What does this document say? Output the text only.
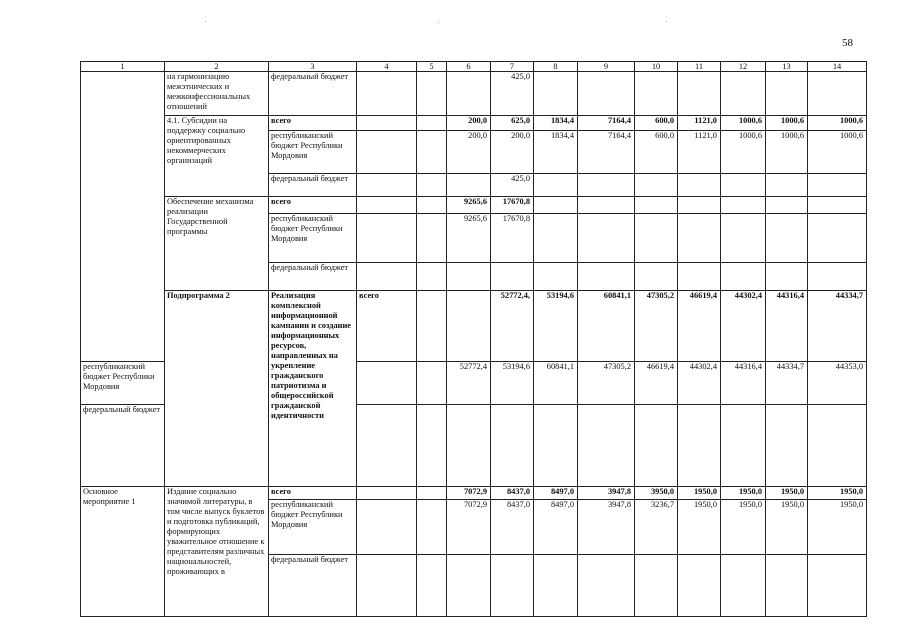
58
1	2	3	4	5	6	7	8	9	10	11	12	13	14	
	на гармонизацию межэтнических и межконфессиональных отношений	федеральный бюджет				425,0								
	4.1. Субсидии на поддержку социально ориентированных некоммерческих организаций	всего			200,0	625,0	1834,4	7164,4	600,0	1121,0	1000,6	1000,6	1000,6	
		республиканский бюджет Республики Мордовия			200,0	200,0	1834,4	7164,4	600,0	1121,0	1000,6	1000,6	1000,6	
		федеральный бюджет				425,0								
	Обеспечение механизма реализации Государственной программы	всего			9265,6	17670,8								
		республиканский бюджет Республики Мордовия			9265,6	17670,8								
		федеральный бюджет												
	Подпрограмма 2	Реализация комплексной информационной кампании и создание информационных ресурсов, направленных на укрепление гражданского патриотизма и общероссийской гражданской идентичности	всего			52772,4,	53194,6	60841,1	47305,2	46619,4	44302,4	44316,4	44334,7	
республиканский бюджет Республики Мордовия					52772,4	53194,6	60841,1	47305,2	46619,4	44302,4	44316,4	44334,7	44353,0	
федеральный бюджет														
Основное мероприятие 1	Издание социально значимой литературы, в том числе выпуск буклетов и подготовка публикаций, формирующих уважительное отношение к представителям различных национальностей, проживающих в	всего			7072,9	8437,0	8497,0	3947,8	3950,0	1950,0	1950,0	1950,0	1950,0	
		республиканский бюджет Республики Мордовия			7072,9	8437,0	8497,0	3947,8	3236,7	1950,0	1950,0	1950,0	1950,0	
		федеральный бюджет												
